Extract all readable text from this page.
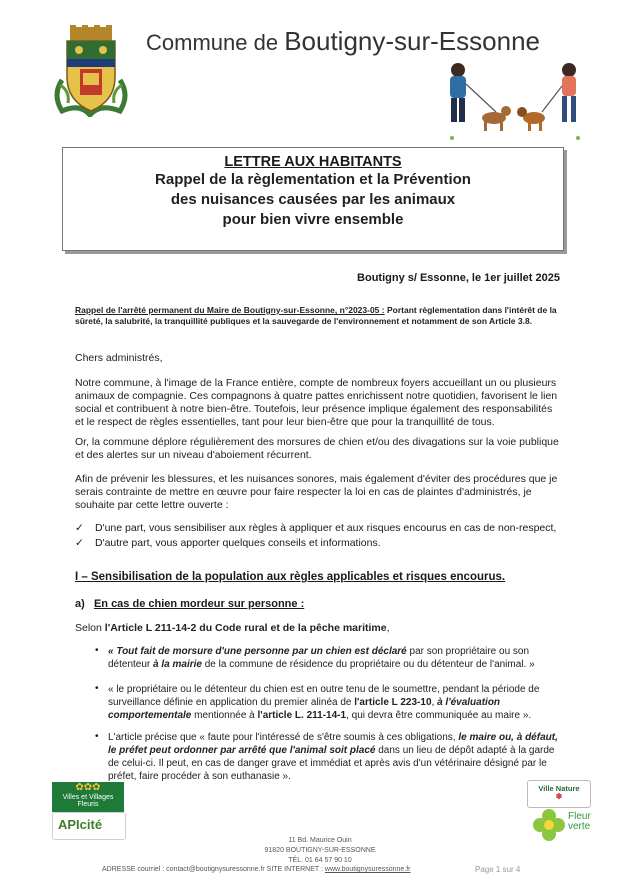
Commune de Boutigny-sur-Essonne
LETTRE AUX HABITANTS
Rappel de la règlementation et la Prévention
des nuisances causées par les animaux
pour bien vivre ensemble
Boutigny s/ Essonne, le 1er juillet 2025
Rappel de l'arrêté permanent du Maire de Boutigny-sur-Essonne, n°2023-05 : Portant règlementation dans l'intérêt de la sûreté, la salubrité, la tranquillité publiques et la sauvegarde de l'environnement et notamment de son Article 3.8.

Chers administrés,

Notre commune, à l'image de la France entière, compte de nombreux foyers accueillant un ou plusieurs animaux de compagnie. Ces compagnons à quatre pattes enrichissent notre quotidien, favorisent le lien social et contribuent à notre bien-être. Toutefois, leur présence implique également des responsabilités et le respect de règles essentielles, tant pour leur bien-être que pour la tranquillité de tous.

Or, la commune déplore régulièrement des morsures de chien et/ou des divagations sur la voie publique et des alertes sur un niveau d'aboiement récurrent.

Afin de prévenir les blessures, et les nuisances sonores, mais également d'éviter des procédures que je serais contrainte de mettre en œuvre pour faire respecter la loi en cas de plaintes d'administrés, je souhaite par cette lettre ouverte :

✓ D'une part, vous sensibiliser aux règles à appliquer et aux risques encourus en cas de non-respect,
✓ D'autre part, vous apporter quelques conseils et informations.
I – Sensibilisation de la population aux règles applicables et risques encourus.
a) En cas de chien mordeur sur personne :

Selon l'Article L 211-14-2 du Code rural et de la pêche maritime,

• « Tout fait de morsure d'une personne par un chien est déclaré par son propriétaire ou son détenteur à la mairie de la commune de résidence du propriétaire ou du détenteur de l'animal. »

• « le propriétaire ou le détenteur du chien est en outre tenu de le soumettre, pendant la période de surveillance définie en application du premier alinéa de l'article L 223-10, à l'évaluation comportementale mentionnée à l'article L. 211-14-1, qui devra être communiquée au maire ».

• L'article précise que « faute pour l'intéressé de s'être soumis à ces obligations, le maire ou, à défaut, le préfet peut ordonner par arrêté que l'animal soit placé dans un lieu de dépôt adapté à la garde de celui-ci. Il peut, en cas de danger grave et immédiat et après avis d'un vétérinaire désigné par le préfet, faire procéder à son euthanasie ».

✿✿✿
Villes et Villages Fleuris
APIcité
11 Bd. Maurice Ouin
91820 BOUTIGNY-SUR-ESSONNE
TÉL. 01 64 57 90 10
ADRESSE courriel : contact@boutignysuressonne.fr SITE INTERNET : www.boutignysuressonne.fr	Page 1 sur 4
Ville Nature
✽
Fleur verte
